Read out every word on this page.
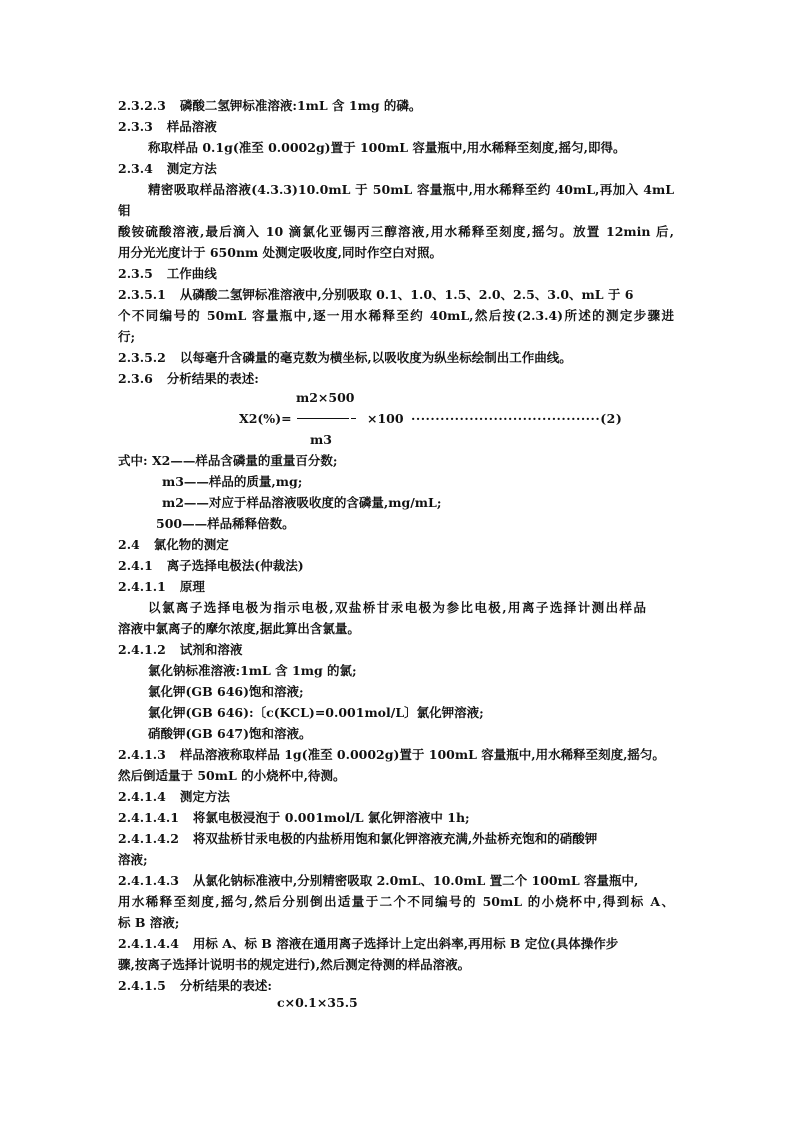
2.3.2.3 磷酸二氢钾标准溶液:1mL 含 1mg 的磷。
2.3.3 样品溶液
称取样品 0.1g(准至 0.0002g)置于 100mL 容量瓶中,用水稀释至刻度,摇匀,即得。
2.3.4 测定方法
精密吸取样品溶液(4.3.3)10.0mL 于 50mL 容量瓶中,用水稀释至约 40mL,再加入 4mL
钼
酸铵硫酸溶液,最后滴入 10 滴氯化亚锡丙三醇溶液,用水稀释至刻度,摇匀。放置 12min 后,
用分光光度计于 650nm 处测定吸收度,同时作空白对照。
2.3.5 工作曲线
2.3.5.1 从磷酸二氢钾标准溶液中,分别吸取 0.1、1.0、1.5、2.0、2.5、3.0、mL 于 6
个不同编号的 50mL 容量瓶中,逐一用水稀释至约 40mL,然后按(2.3.4)所述的测定步骤进
行;
2.3.5.2 以每毫升含磷量的毫克数为横坐标,以吸收度为纵坐标绘制出工作曲线。
2.3.6 分析结果的表述:
m2×500
X2(%)=	×100 ·······································(2)
m3
式中: X2——样品含磷量的重量百分数;
m3——样品的质量,mg;
m2——对应于样品溶液吸收度的含磷量,mg/mL;
500——样品稀释倍数。
2.4 氯化物的测定
2.4.1 离子选择电极法(仲裁法)
2.4.1.1 原理
以氯离子选择电极为指示电极,双盐桥甘汞电极为参比电极,用离子选择计测出样品
溶液中氯离子的摩尔浓度,据此算出含氯量。
2.4.1.2 试剂和溶液
氯化钠标准溶液:1mL 含 1mg 的氯;
氯化钾(GB 646)饱和溶液;
氯化钾(GB 646):〔c(KCL)=0.001mol/L〕氯化钾溶液;
硝酸钾(GB 647)饱和溶液。
2.4.1.3 样品溶液称取样品 1g(准至 0.0002g)置于 100mL 容量瓶中,用水稀释至刻度,摇匀。
然后倒适量于 50mL 的小烧杯中,待测。
2.4.1.4 测定方法
2.4.1.4.1 将氯电极浸泡于 0.001mol/L 氯化钾溶液中 1h;
2.4.1.4.2 将双盐桥甘汞电极的内盐桥用饱和氯化钾溶液充满,外盐桥充饱和的硝酸钾
溶液;
2.4.1.4.3 从氯化钠标准液中,分别精密吸取 2.0mL、10.0mL 置二个 100mL 容量瓶中,
用水稀释至刻度,摇匀,然后分别倒出适量于二个不同编号的 50mL 的小烧杯中,得到标 A、
标 B 溶液;
2.4.1.4.4 用标 A、标 B 溶液在通用离子选择计上定出斜率,再用标 B 定位(具体操作步
骤,按离子选择计说明书的规定进行),然后测定待测的样品溶液。
2.4.1.5 分析结果的表述:
c×0.1×35.5
